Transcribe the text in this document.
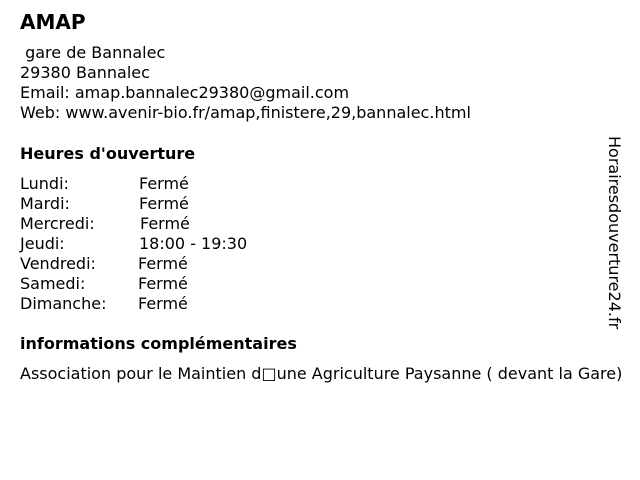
AMAP
gare de Bannalec
29380 Bannalec
Email: amap.bannalec29380@gmail.com
Web: www.avenir-bio.fr/amap,finistere,29,bannalec.html
Heures d'ouverture
Lundi:	Fermé
Mardi:	Fermé
Mercredi:	Fermé
Jeudi:	18:00 - 19:30
Vendredi:	Fermé
Samedi:	Fermé
Dimanche: Fermé
informations complémentaires
Association pour le Maintien d□une Agriculture Paysanne ( devant la Gare)
Horairesdouverture24.fr
